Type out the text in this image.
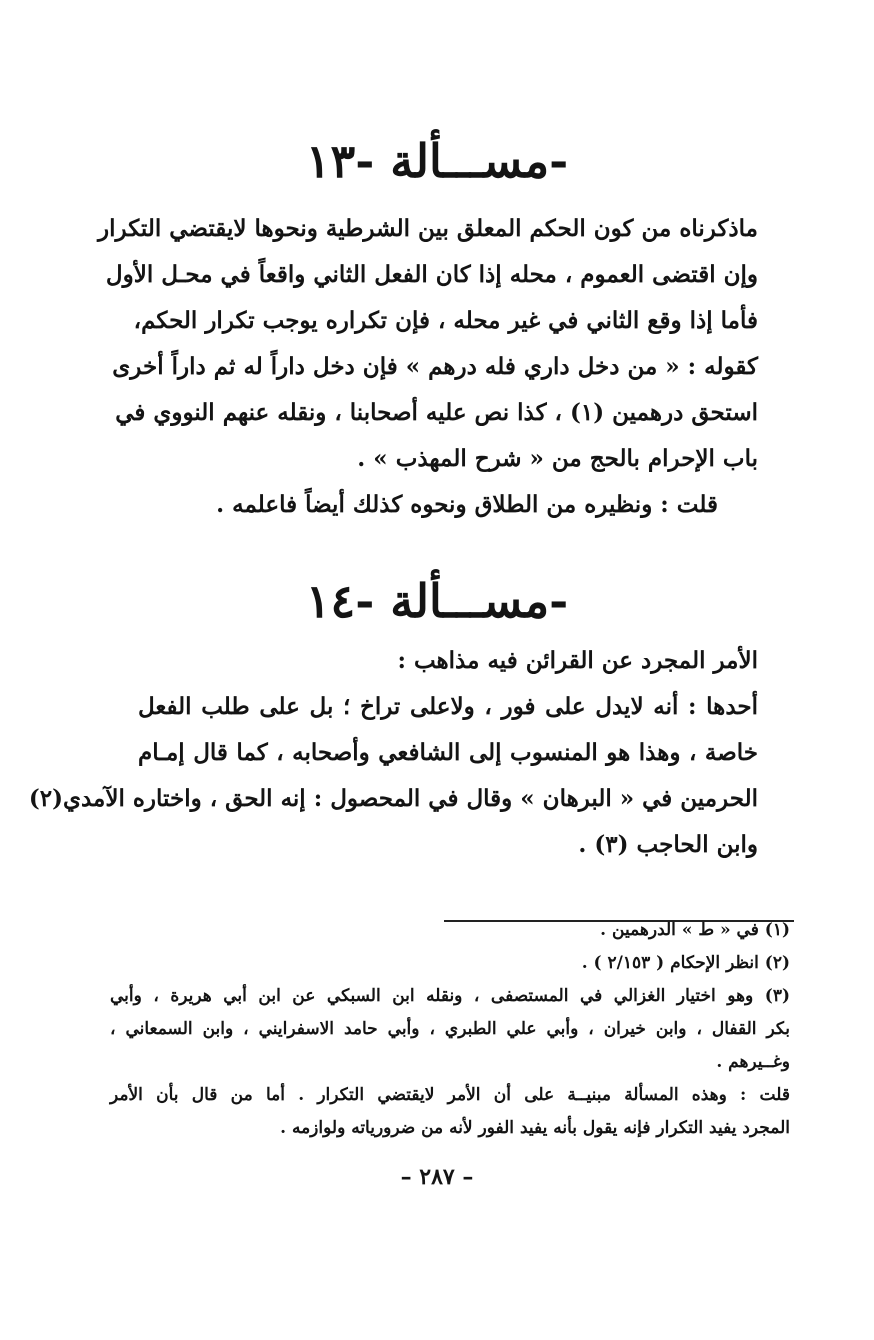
مســـألة -١٣-
ماذكرناه من كون الحكم المعلق بين الشرطية ونحوها لايقتضي التكرار
وإن اقتضى العموم ، محله إذا كان الفعل الثاني واقعاً في محـل الأول
فأما إذا وقع الثاني في غير محله ، فإن تكراره يوجب تكرار الحكم،
كقوله : « من دخل داري فله درهم » فإن دخل داراً له ثم داراً أخرى
استحق درهمين (١) ، كذا نص عليه أصحابنا ، ونقله عنهم النووي في
باب الإحرام بالحج من « شرح المهذب » .
قلت : ونظيره من الطلاق ونحوه كذلك أيضاً فاعلمه .
مســـألة -١٤-
الأمر المجرد عن القرائن فيه مذاهب :
أحدها : أنه لايدل على فور ، ولاعلى تراخ ؛ بل على طلب الفعل
خاصة ، وهذا هو المنسوب إلى الشافعي وأصحابه ، كما قال إمـام
الحرمين في « البرهان » وقال في المحصول : إنه الحق ، واختاره الآمدي(٢)
وابن الحاجب (٣) .
(١) في « ط » الدرهمين .
(٢) انظر الإحكام ( ٢/١٥٣ ) .
(٣) وهو اختيار الغزالي في المستصفى ، ونقله ابن السبكي عن ابن أبي هريرة ، وأبي
بكر القفال ، وابن خيران ، وأبي علي الطبري ، وأبي حامد الاسفرايني ، وابن السمعاني ،
وغــيرهم .
قلت : وهذه المسألة مبنيــة على أن الأمر لايقتضي التكرار . أما من قال بأن الأمر
المجرد يفيد التكرار فإنه يقول بأنه يفيد الفور لأنه من ضرورياته ولوازمه .
– ٢٨٧ –
